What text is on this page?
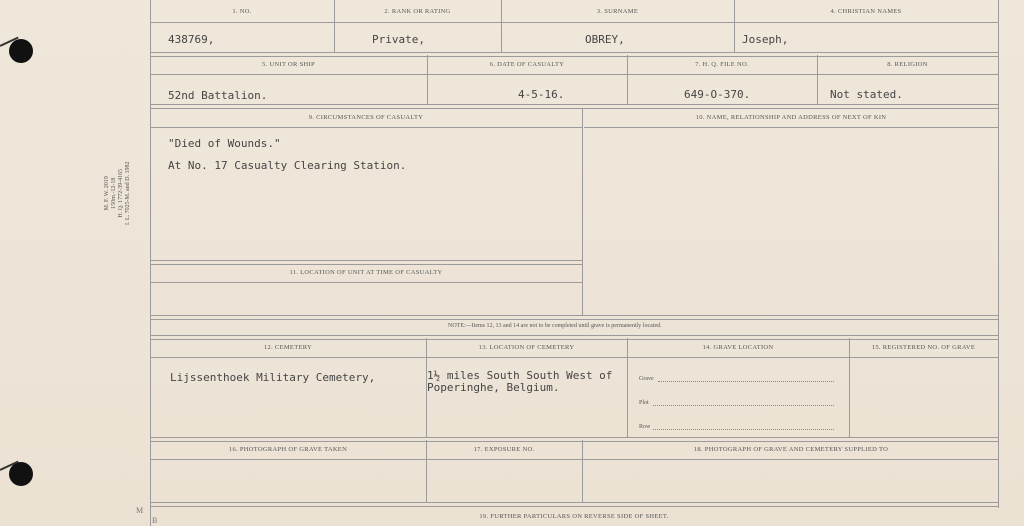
M. F. W. 2019 150m.-12-18 H. Q. 1772-39-4165 I. L. 7025-M. and D. 1982
1. NO.	2. RANK OR RATING	3. SURNAME	4. CHRISTIAN NAMES
438769,	Private,	OBREY,	Joseph,
5. UNIT OR SHIP	6. DATE OF CASUALTY	7. H. Q. FILE NO.	8. RELIGION
52nd Battalion.	4-5-16.	649-O-370.	Not stated.
9. CIRCUMSTANCES OF CASUALTY	10. NAME, RELATIONSHIP AND ADDRESS OF NEXT OF KIN
"Died of Wounds."
At No. 17 Casualty Clearing Station.
11. LOCATION OF UNIT AT TIME OF CASUALTY
NOTE:—Items 12, 13 and 14 are not to be completed until grave is permanently located.
12. CEMETERY	13. LOCATION OF CEMETERY	14. GRAVE LOCATION	15. REGISTERED NO. OF GRAVE
Lijssenthoek Military Cemetery,	1½ miles South South West of
Poperinghe, Belgium.
Grave
Plot
Row
16. PHOTOGRAPH OF GRAVE TAKEN	17. EXPOSURE NO.	18. PHOTOGRAPH OF GRAVE AND CEMETERY SUPPLIED TO
19. FURTHER PARTICULARS ON REVERSE SIDE OF SHEET.
M
B
